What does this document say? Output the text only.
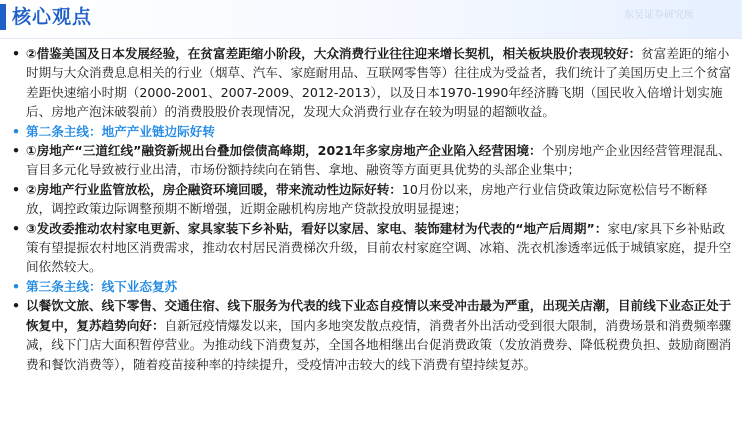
核心观点	东吴证券研究所

• ②借鉴美国及日本发展经验，在贫富差距缩小阶段，大众消费行业往往迎来增长契机，相关板块股价表现较好：贫富差距的缩小时期与大众消费息息相关的行业（烟草、汽车、家庭耐用品、互联网零售等）往往成为受益者，我们统计了美国历史上三个贫富差距快速缩小时期（2000-2001、2007-2009、2012-2013），以及日本1970-1990年经济腾飞期（国民收入倍增计划实施后、房地产泡沫破裂前）的消费股股价表现情况，发现大众消费行业存在较为明显的超额收益。

• 第二条主线：地产产业链边际好转

• ①房地产“三道红线”融资新规出台叠加偿债高峰期，2021年多家房地产企业陷入经营困境：个别房地产企业因经营管理混乱、盲目多元化导致被行业出清，市场份额持续向在销售、拿地、融资等方面更具优势的头部企业集中；

• ②房地产行业监管放松，房企融资环境回暖，带来流动性边际好转：10月份以来，房地产行业信贷政策边际宽松信号不断释放，调控政策边际调整预期不断增强，近期金融机构房地产贷款投放明显提速；

• ③发改委推动农村家电更新、家具家装下乡补贴，看好以家居、家电、装饰建材为代表的“地产后周期”：家电/家具下乡补贴政策有望提振农村地区消费需求，推动农村居民消费梯次升级，目前农村家庭空调、冰箱、洗衣机渗透率远低于城镇家庭，提升空间依然较大。

• 第三条主线：线下业态复苏

• 以餐饮文旅、线下零售、交通住宿、线下服务为代表的线下业态自疫情以来受冲击最为严重，出现关店潮，目前线下业态正处于恢复中，复苏趋势向好：自新冠疫情爆发以来，国内多地突发散点疫情，消费者外出活动受到很大限制，消费场景和消费频率骤减，线下门店大面积暂停营业。为推动线下消费复苏，全国各地相继出台促消费政策（发放消费券、降低税费负担、鼓励商圈消费和餐饮消费等），随着疫苗接种率的持续提升，受疫情冲击较大的线下消费有望持续复苏。
